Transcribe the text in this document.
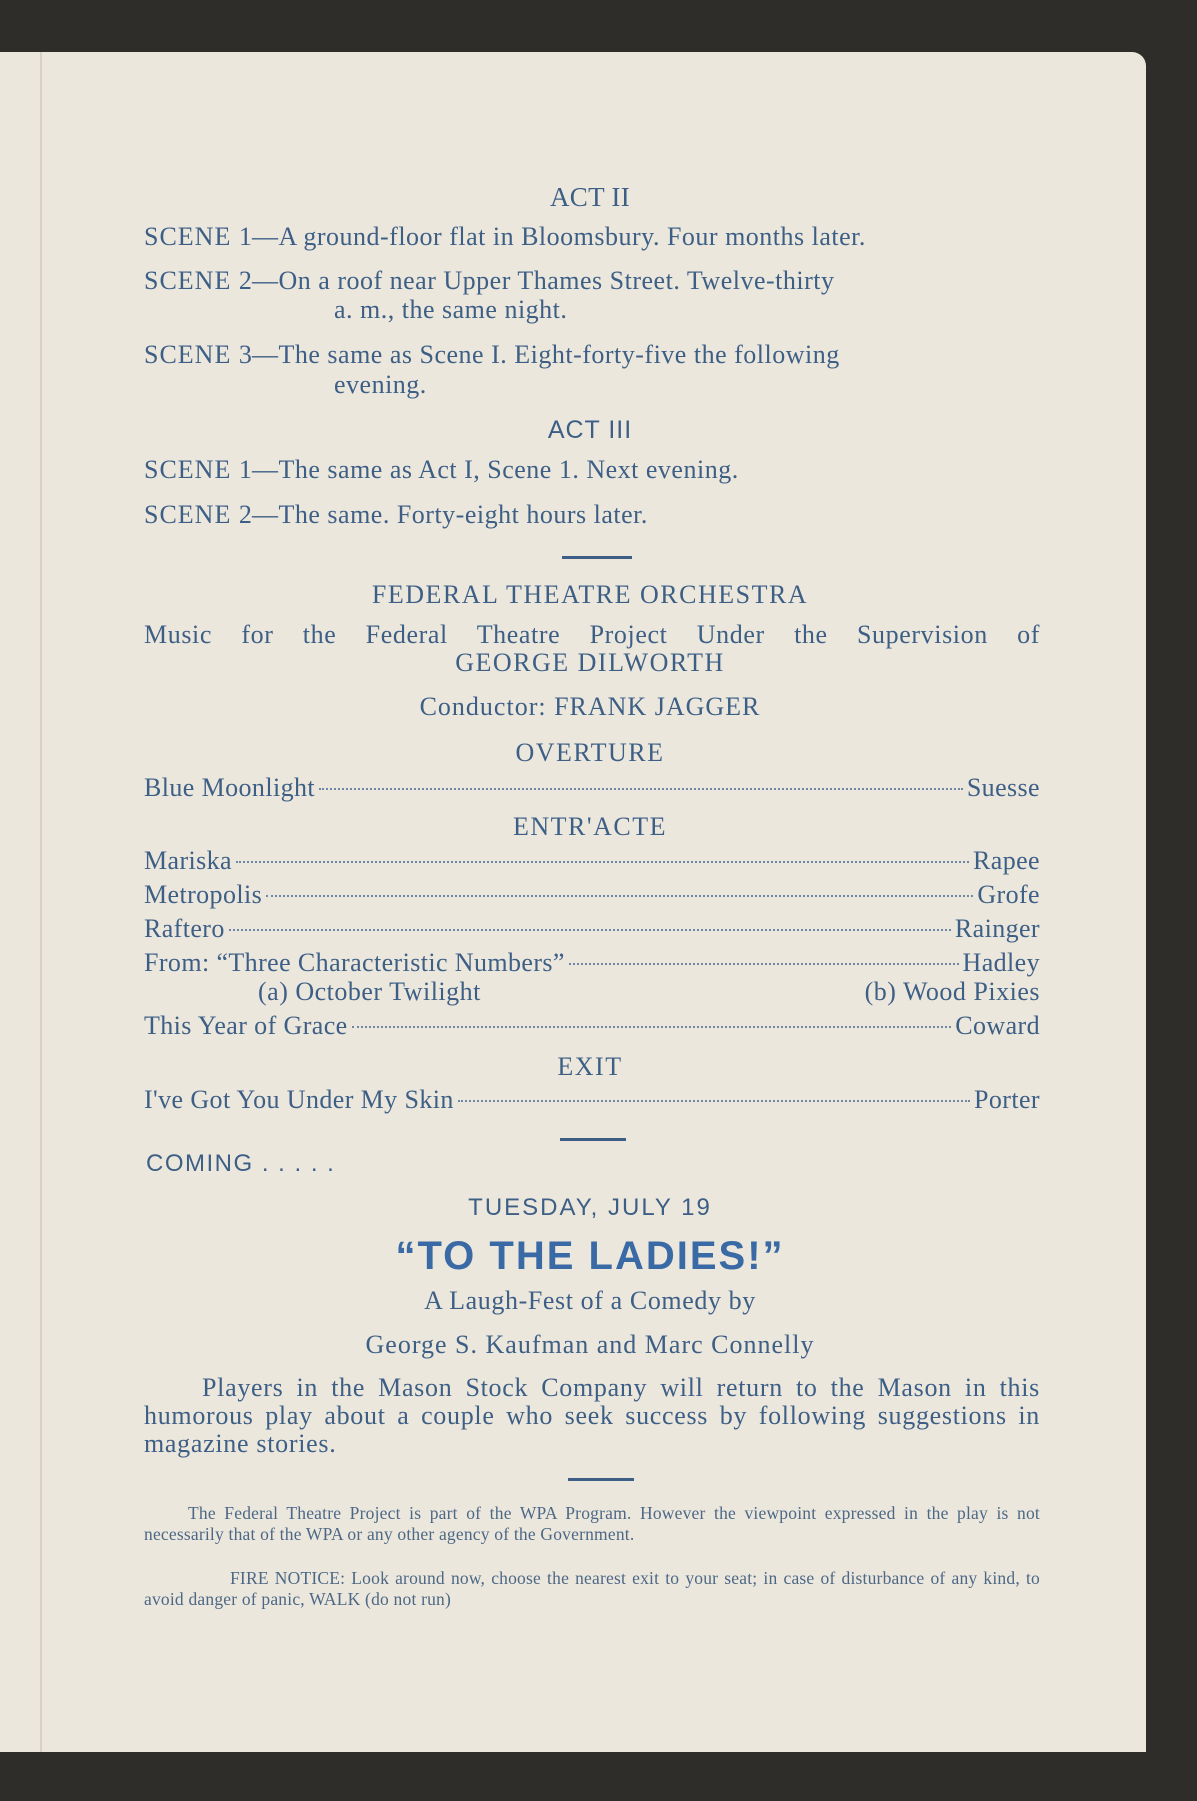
ACT II
SCENE 1 —A ground-floor flat in Bloomsbury. Four months later.
SCENE 2 —On a roof near Upper Thames Street. Twelve-thirty
a. m., the same night.
SCENE 3 —The same as Scene I. Eight-forty-five the following
evening.
ACT III
SCENE 1 —The same as Act I, Scene 1. Next evening.
SCENE 2 —The same. Forty-eight hours later.
FEDERAL THEATRE ORCHESTRA
Music for the Federal Theatre Project Under the Supervision of
GEORGE DILWORTH
Conductor: FRANK JAGGER
OVERTURE
Blue Moonlight	Suesse
ENTR'ACTE
Mariska	Rapee
Metropolis	Grofe
Raftero	Rainger
From: “Three Characteristic Numbers”	Hadley
(a) October Twilight	(b) Wood Pixies
This Year of Grace	Coward
EXIT
I've Got You Under My Skin	Porter
COMING . . . . .
TUESDAY, JULY 19
“TO THE LADIES!”
A Laugh-Fest of a Comedy by
George S. Kaufman and Marc Connelly
Players in the Mason Stock Company will return to the Mason in this humorous play about a couple who seek success by following suggestions in magazine stories.
The Federal Theatre Project is part of the WPA Program. However the viewpoint expressed in the play is not necessarily that of the WPA or any other agency of the Government.
FIRE NOTICE: Look around now, choose the nearest exit to your seat; in case of disturbance of any kind, to avoid danger of panic, WALK (do not run)
